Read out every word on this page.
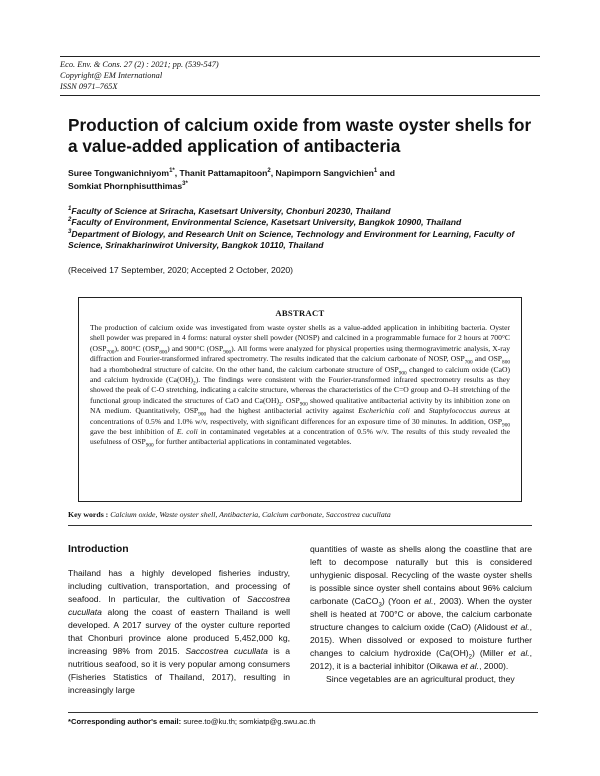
Eco. Env. & Cons. 27 (2) : 2021; pp. (539-547)
Copyright@ EM International
ISSN 0971–765X
Production of calcium oxide from waste oyster shells for a value-added application of antibacteria
Suree Tongwanichniyom$^{1*}$, Thanit Pattamapitoon$^2$, Napimporn Sangvichien$^1$ and
Somkiat Phornphisutthimas$^{3*}$
$^1$Faculty of Science at Sriracha, Kasetsart University, Chonburi 20230, Thailand
$^2$Faculty of Environment, Environmental Science, Kasetsart University, Bangkok 10900, Thailand
$^3$Department of Biology, and Research Unit on Science, Technology and Environment for Learning, Faculty of Science, Srinakharinwirot University, Bangkok 10110, Thailand
(Received 17 September, 2020; Accepted 2 October, 2020)
ABSTRACT
The production of calcium oxide was investigated from waste oyster shells as a value-added application in inhibiting bacteria. Oyster shell powder was prepared in 4 forms: natural oyster shell powder (NOSP) and calcined in a programmable furnace for 2 hours at 700°C $(OSP_{700})$, 800°C $(OSP_{800})$ and 900°C $(OSP_{900})$. All forms were analyzed for physical properties using thermogravimetric analysis, X-ray diffraction and Fourier-transformed infrared spectrometry. The results indicated that the calcium carbonate of NOSP, $OSP_{700}$ and $OSP_{800}$ had a rhombohedral structure of calcite. On the other hand, the calcium carbonate structure of $OSP_{900}$ changed to calcium oxide (CaO) and calcium hydroxide $(Ca(OH)_2)$. The findings were consistent with the Fourier-transformed infrared spectrometry results as they showed the peak of C-O stretching, indicating a calcite structure, whereas the characteristics of the C=O group and O–H stretching of the functional group indicated the structures of CaO and $Ca(OH)_2$. $OSP_{900}$ showed qualitative antibacterial activity by its inhibition zone on NA medium. Quantitatively, $OSP_{900}$ had the highest antibacterial activity against Escherichia coli and Staphylococcus aureus at concentrations of 0.5% and 1.0% w/v, respectively, with significant differences for an exposure time of 30 minutes. In addition, $OSP_{900}$ gave the best inhibition of E. coli in contaminated vegetables at a concentration of 0.5% w/v. The results of this study revealed the usefulness of $OSP_{900}$ for further antibacterial applications in contaminated vegetables.
Key words : Calcium oxide, Waste oyster shell, Antibacteria, Calcium carbonate, Saccostrea cucullata
Introduction

Thailand has a highly developed fisheries industry, including cultivation, transportation, and processing of seafood. In particular, the cultivation of Saccostrea cucullata along the coast of eastern Thailand is well developed. A 2017 survey of the oyster culture reported that Chonburi province alone produced 5,452,000 kg, increasing 98% from 2015. Saccostrea cucullata is a nutritious seafood, so it is very popular among consumers (Fisheries Statistics of Thailand, 2017), resulting in increasingly large

quantities of waste as shells along the coastline that are left to decompose naturally but this is considered unhygienic disposal. Recycling of the waste oyster shells is possible since oyster shell contains about 96% calcium carbonate (CaCO$_3$) (Yoon et al., 2003). When the oyster shell is heated at 700°C or above, the calcium carbonate structure changes to calcium oxide (CaO) (Alidoust et al., 2015). When dissolved or exposed to moisture further changes to calcium hydroxide $(Ca(OH)_2)$ (Miller et al., 2012), it is a bacterial inhibitor (Oikawa et al., 2000).

Since vegetables are an agricultural product, they

*Corresponding author's email: suree.to@ku.th; somkiatp@g.swu.ac.th
